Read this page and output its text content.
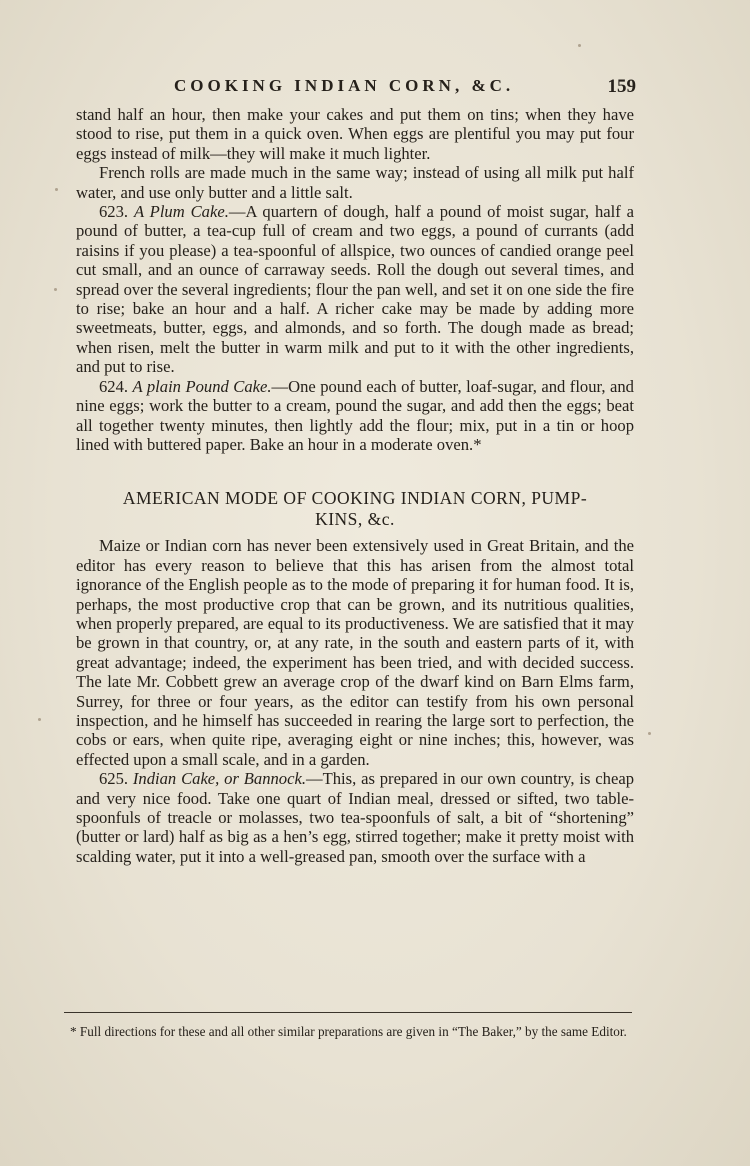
COOKING INDIAN CORN, &C.	159

stand half an hour, then make your cakes and put them on tins; when they have stood to rise, put them in a quick oven. When eggs are plentiful you may put four eggs instead of milk—they will make it much lighter.

French rolls are made much in the same way; instead of using all milk put half water, and use only butter and a little salt.

623. A Plum Cake.—A quartern of dough, half a pound of moist sugar, half a pound of butter, a tea-cup full of cream and two eggs, a pound of currants (add raisins if you please) a tea-spoonful of allspice, two ounces of candied orange peel cut small, and an ounce of carraway seeds. Roll the dough out several times, and spread over the several ingredients; flour the pan well, and set it on one side the fire to rise; bake an hour and a half. A richer cake may be made by adding more sweetmeats, butter, eggs, and almonds, and so forth. The dough made as bread; when risen, melt the butter in warm milk and put to it with the other ingredients, and put to rise.

624. A plain Pound Cake.—One pound each of butter, loaf-sugar, and flour, and nine eggs; work the butter to a cream, pound the sugar, and add then the eggs; beat all together twenty minutes, then lightly add the flour; mix, put in a tin or hoop lined with buttered paper. Bake an hour in a moderate oven.*

AMERICAN MODE OF COOKING INDIAN CORN, PUMP-
KINS, &c.

Maize or Indian corn has never been extensively used in Great Britain, and the editor has every reason to believe that this has arisen from the almost total ignorance of the English people as to the mode of preparing it for human food. It is, perhaps, the most productive crop that can be grown, and its nutritious qualities, when properly prepared, are equal to its productiveness. We are satisfied that it may be grown in that country, or, at any rate, in the south and eastern parts of it, with great advantage; indeed, the experiment has been tried, and with decided success. The late Mr. Cobbett grew an average crop of the dwarf kind on Barn Elms farm, Surrey, for three or four years, as the editor can testify from his own personal inspection, and he himself has succeeded in rearing the large sort to perfection, the cobs or ears, when quite ripe, averaging eight or nine inches; this, however, was effected upon a small scale, and in a garden.

625. Indian Cake, or Bannock.—This, as prepared in our own country, is cheap and very nice food. Take one quart of Indian meal, dressed or sifted, two table-spoonfuls of treacle or molasses, two tea-spoonfuls of salt, a bit of “shortening” (butter or lard) half as big as a hen’s egg, stirred together; make it pretty moist with scalding water, put it into a well-greased pan, smooth over the surface with a

* Full directions for these and all other similar preparations are given in “The Baker,” by the same Editor.
